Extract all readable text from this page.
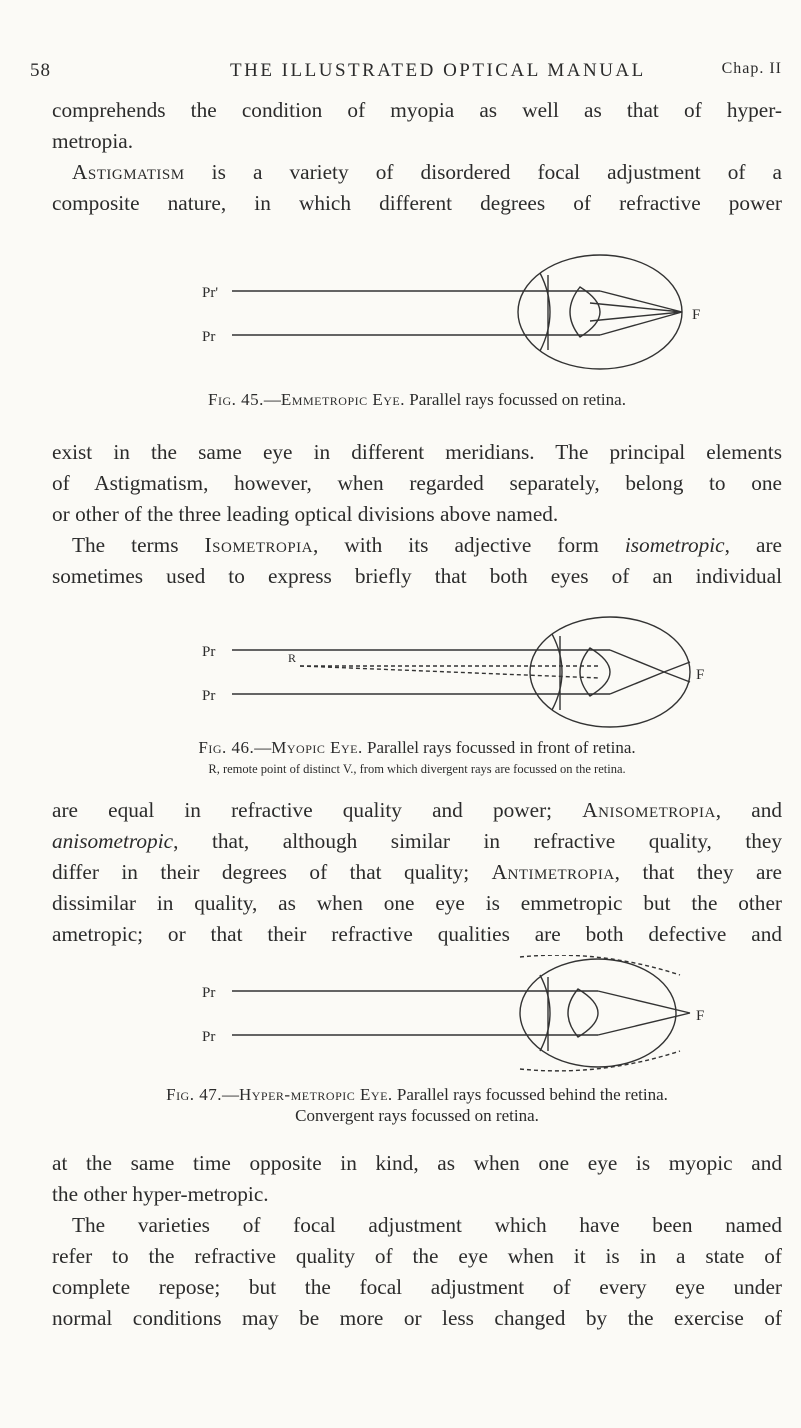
58	THE ILLUSTRATED OPTICAL MANUAL	Chap. II
comprehends the condition of myopia as well as that of hyper-
metropia.
Astigmatism is a variety of disordered focal adjustment of a
composite nature, in which different degrees of refractive power
Pr'
Pr
F
Fig. 45.—Emmetropic Eye. Parallel rays focussed on retina.
exist in the same eye in different meridians. The principal elements
of Astigmatism, however, when regarded separately, belong to one
or other of the three leading optical divisions above named.
The terms Isometropia, with its adjective form isometropic, are
sometimes used to express briefly that both eyes of an individual
Pr
Pr
R
F
Fig. 46.—Myopic Eye. Parallel rays focussed in front of retina.
R, remote point of distinct V., from which divergent rays are focussed on the retina.
are equal in refractive quality and power; Anisometropia, and
anisometropic, that, although similar in refractive quality, they
differ in their degrees of that quality; Antimetropia, that they are
dissimilar in quality, as when one eye is emmetropic but the other
ametropic; or that their refractive qualities are both defective and
Pr
Pr
F
Fig. 47.—Hyper-metropic Eye. Parallel rays focussed behind the retina.
Convergent rays focussed on retina.
at the same time opposite in kind, as when one eye is myopic and
the other hyper-metropic.
The varieties of focal adjustment which have been named
refer to the refractive quality of the eye when it is in a state of
complete repose; but the focal adjustment of every eye under
normal conditions may be more or less changed by the exercise of
